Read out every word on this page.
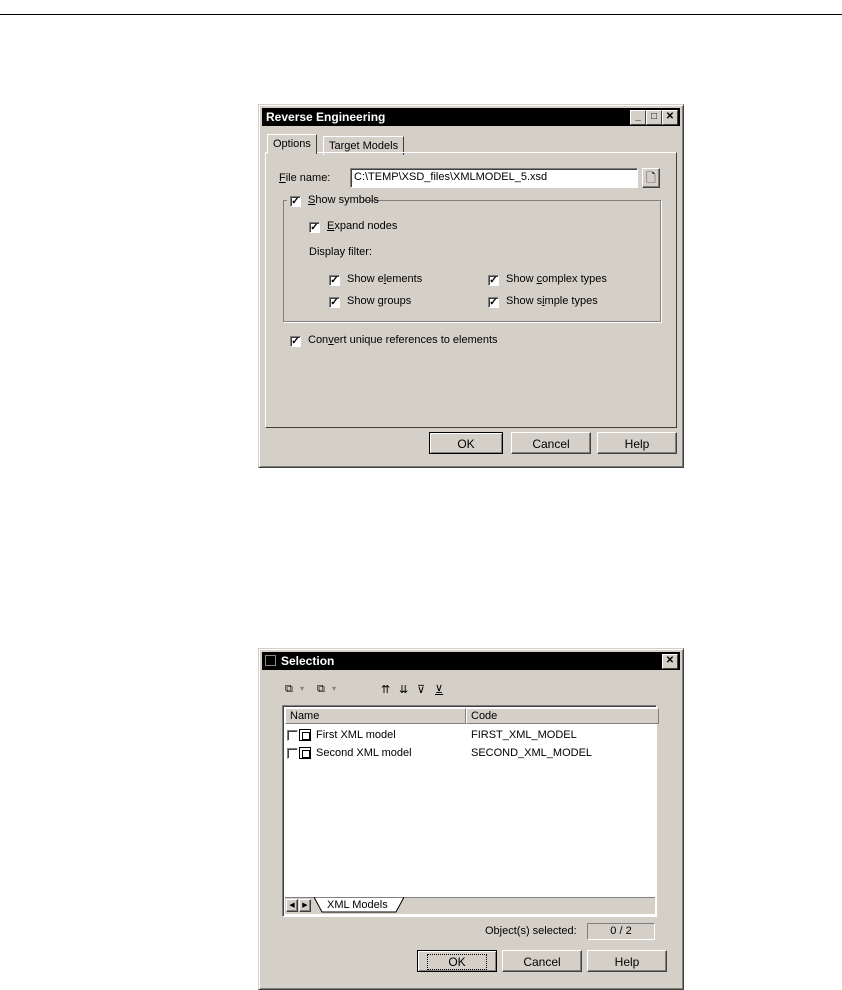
Reverse Engineering	_	□ ✕
Options	Target Models
File name:	C:\TEMP\XSD_files\XMLMODEL_5.xsd	🗋
✓ Show symbols
✓ Expand nodes
Display filter:
✓ Show elements	✓ Show complex types
✓ Show groups	✓ Show simple types
✓ Convert unique references to elements
OK	Cancel	Help
Selection	✕
⧉ ▾ ⧉ ▾	⇈ ⇊ ⊽ ⊻
Name	Code
First XML model	FIRST_XML_MODEL
Second XML model	SECOND_XML_MODEL
◀	▶	XML Models
Object(s) selected:	0 / 2
OK	Cancel	Help
